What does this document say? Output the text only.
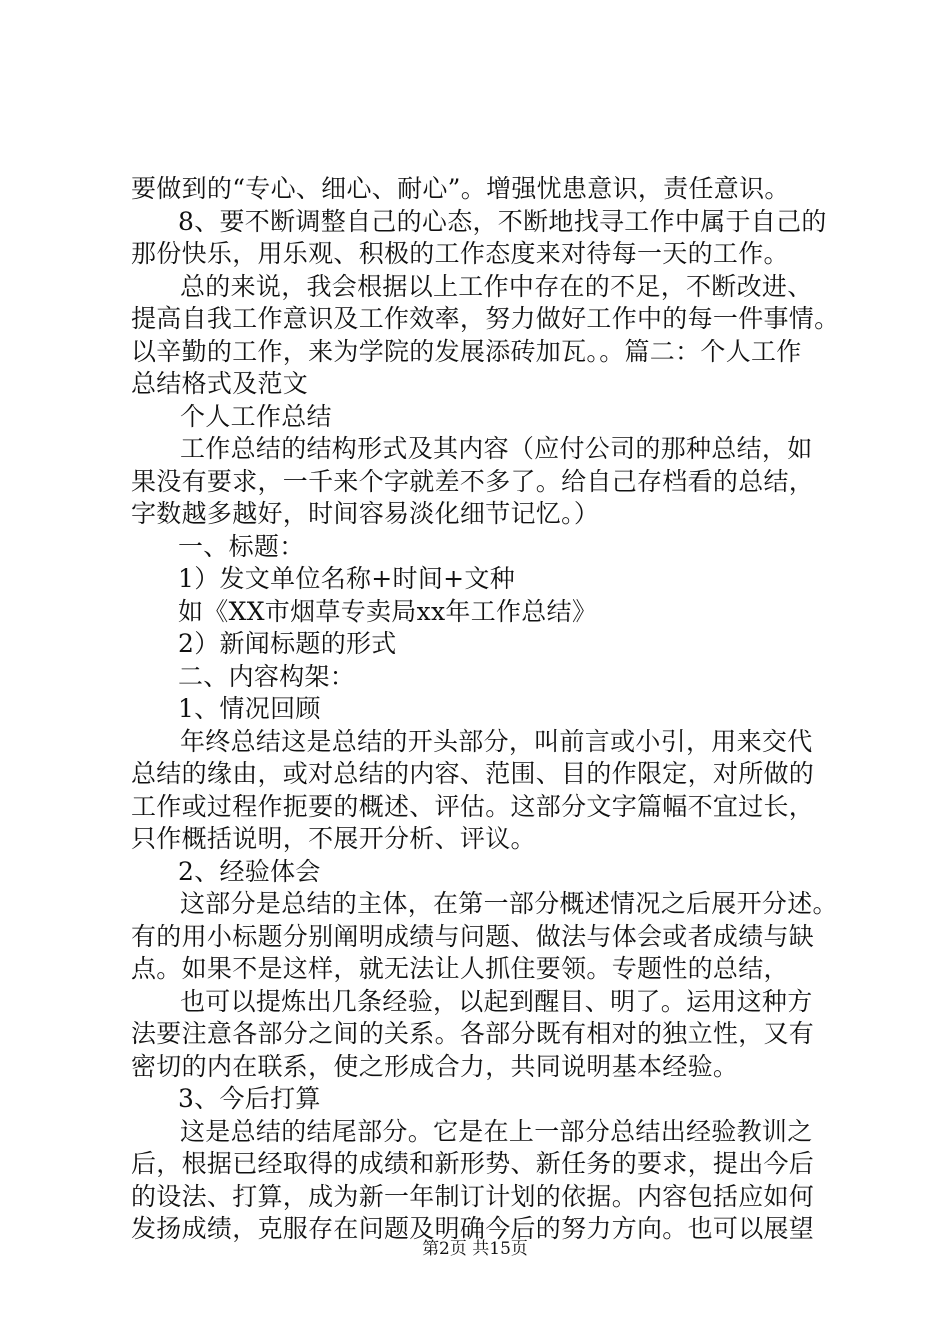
要做到的“专心、细心、耐心”。增强忧患意识，责任意识。
8、要不断调整自己的心态，不断地找寻工作中属于自己的
那份快乐，用乐观、积极的工作态度来对待每一天的工作。
总的来说，我会根据以上工作中存在的不足，不断改进、
提高自我工作意识及工作效率，努力做好工作中的每一件事情。
以辛勤的工作，来为学院的发展添砖加瓦。。篇二：个人工作
总结格式及范文
个人工作总结
工作总结的结构形式及其内容（应付公司的那种总结，如
果没有要求，一千来个字就差不多了。给自己存档看的总结，
字数越多越好，时间容易淡化细节记忆。）
一、标题：
1）发文单位名称+时间+文种
如《XX市烟草专卖局xx年工作总结》
2）新闻标题的形式
二、内容构架：
1、情况回顾
年终总结这是总结的开头部分，叫前言或小引，用来交代
总结的缘由，或对总结的内容、范围、目的作限定，对所做的
工作或过程作扼要的概述、评估。这部分文字篇幅不宜过长，
只作概括说明，不展开分析、评议。
2、经验体会
这部分是总结的主体，在第一部分概述情况之后展开分述。
有的用小标题分别阐明成绩与问题、做法与体会或者成绩与缺
点。如果不是这样，就无法让人抓住要领。专题性的总结，
也可以提炼出几条经验，以起到醒目、明了。运用这种方
法要注意各部分之间的关系。各部分既有相对的独立性，又有
密切的内在联系，使之形成合力，共同说明基本经验。
3、今后打算
这是总结的结尾部分。它是在上一部分总结出经验教训之
后，根据已经取得的成绩和新形势、新任务的要求，提出今后
的设法、打算，成为新一年制订计划的依据。内容包括应如何
发扬成绩，克服存在问题及明确今后的努力方向。也可以展望
第2页 共15页
